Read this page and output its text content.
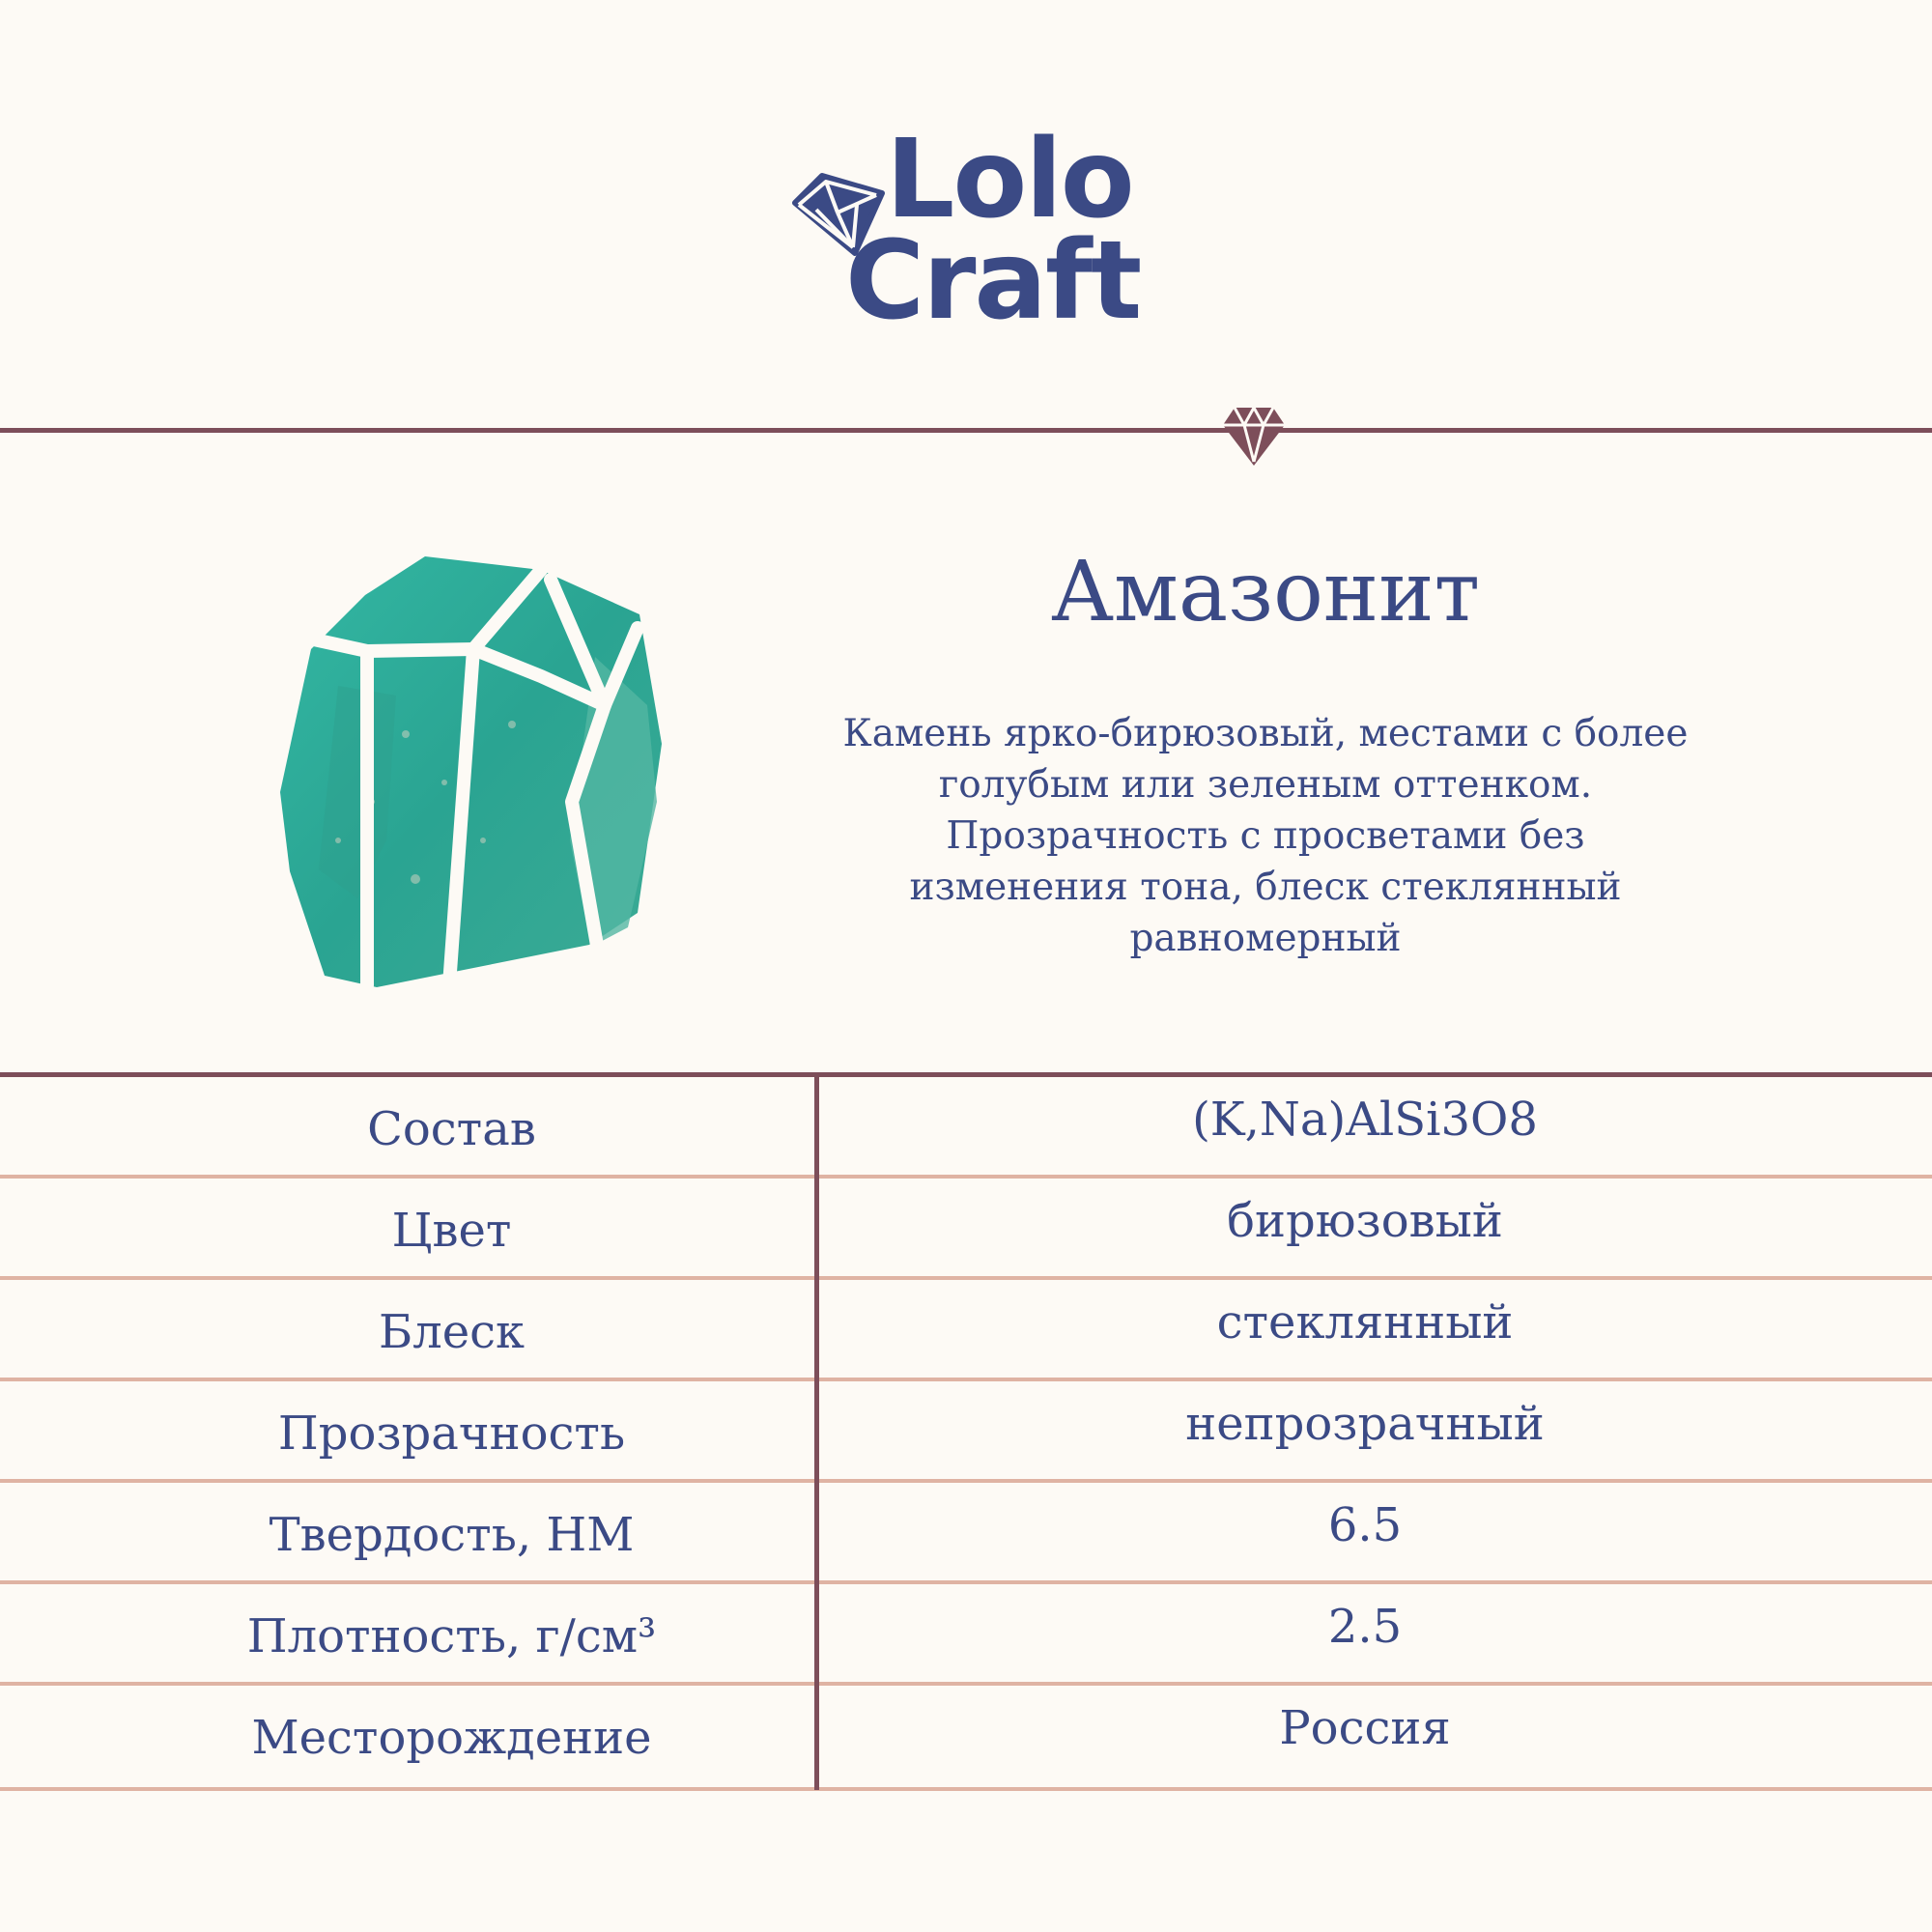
Lolo
Craft
Амазонит
Камень ярко-бирюзовый, местами с более
голубым или зеленым оттенком.
Прозрачность с просветами без
изменения тона, блеск стеклянный
равномерный
Состав	(K,Na)AlSi3O8
Цвет	бирюзовый
Блеск	стеклянный
Прозрачность	непрозрачный
Твердость, НМ	6.5
Плотность, г/см³	2.5
Месторождение	Россия
